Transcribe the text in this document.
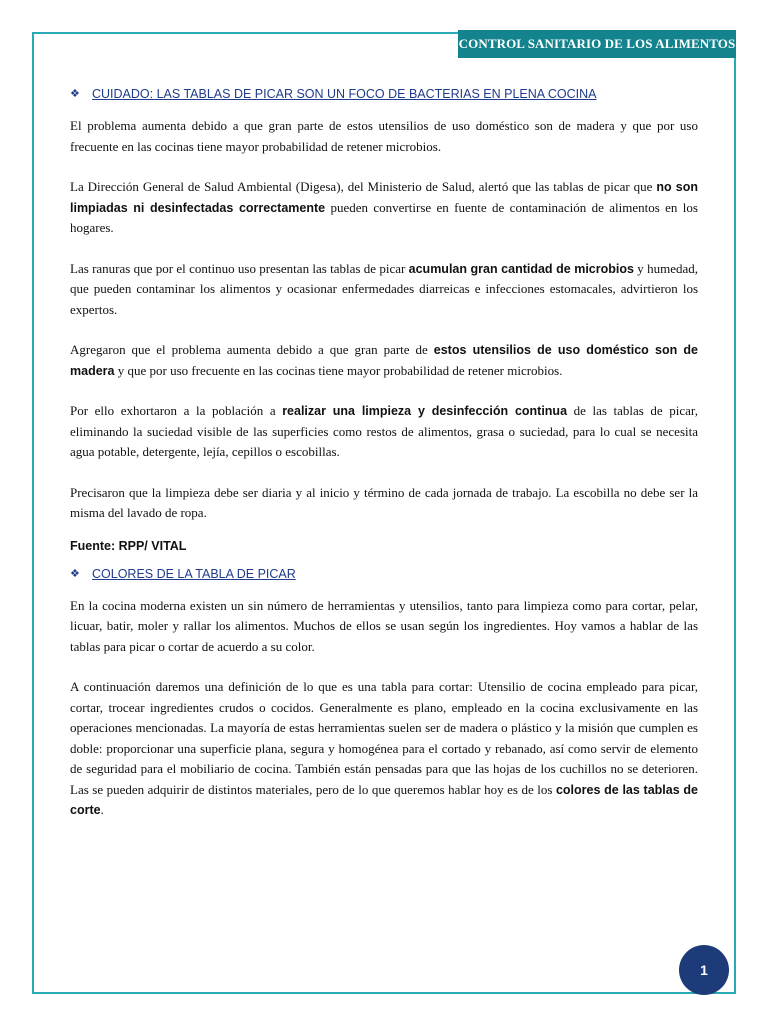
CONTROL SANITARIO DE LOS ALIMENTOS
❖ CUIDADO: LAS TABLAS DE PICAR SON UN FOCO DE BACTERIAS EN PLENA COCINA

El problema aumenta debido a que gran parte de estos utensilios de uso doméstico son de madera y que por uso frecuente en las cocinas tiene mayor probabilidad de retener microbios.

La Dirección General de Salud Ambiental (Digesa), del Ministerio de Salud, alertó que las tablas de picar que no son limpiadas ni desinfectadas correctamente pueden convertirse en fuente de contaminación de alimentos en los hogares.

Las ranuras que por el continuo uso presentan las tablas de picar acumulan gran cantidad de microbios y humedad, que pueden contaminar los alimentos y ocasionar enfermedades diarreicas e infecciones estomacales, advirtieron los expertos.

Agregaron que el problema aumenta debido a que gran parte de estos utensilios de uso doméstico son de madera y que por uso frecuente en las cocinas tiene mayor probabilidad de retener microbios.

Por ello exhortaron a la población a realizar una limpieza y desinfección continua de las tablas de picar, eliminando la suciedad visible de las superficies como restos de alimentos, grasa o suciedad, para lo cual se necesita agua potable, detergente, lejía, cepillos o escobillas.

Precisaron que la limpieza debe ser diaria y al inicio y término de cada jornada de trabajo. La escobilla no debe ser la misma del lavado de ropa.

Fuente: RPP/ VITAL

❖ COLORES DE LA TABLA DE PICAR

En la cocina moderna existen un sin número de herramientas y utensilios, tanto para limpieza como para cortar, pelar, licuar, batir, moler y rallar los alimentos. Muchos de ellos se usan según los ingredientes. Hoy vamos a hablar de las tablas para picar o cortar de acuerdo a su color.

A continuación daremos una definición de lo que es una tabla para cortar: Utensilio de cocina empleado para picar, cortar, trocear ingredientes crudos o cocidos. Generalmente es plano, empleado en la cocina exclusivamente en las operaciones mencionadas. La mayoría de estas herramientas suelen ser de madera o plástico y la misión que cumplen es doble: proporcionar una superficie plana, segura y homogénea para el cortado y rebanado, así como servir de elemento de seguridad para el mobiliario de cocina. También están pensadas para que las hojas de los cuchillos no se deterioren. Las se pueden adquirir de distintos materiales, pero de lo que queremos hablar hoy es de los colores de las tablas de corte.

1
